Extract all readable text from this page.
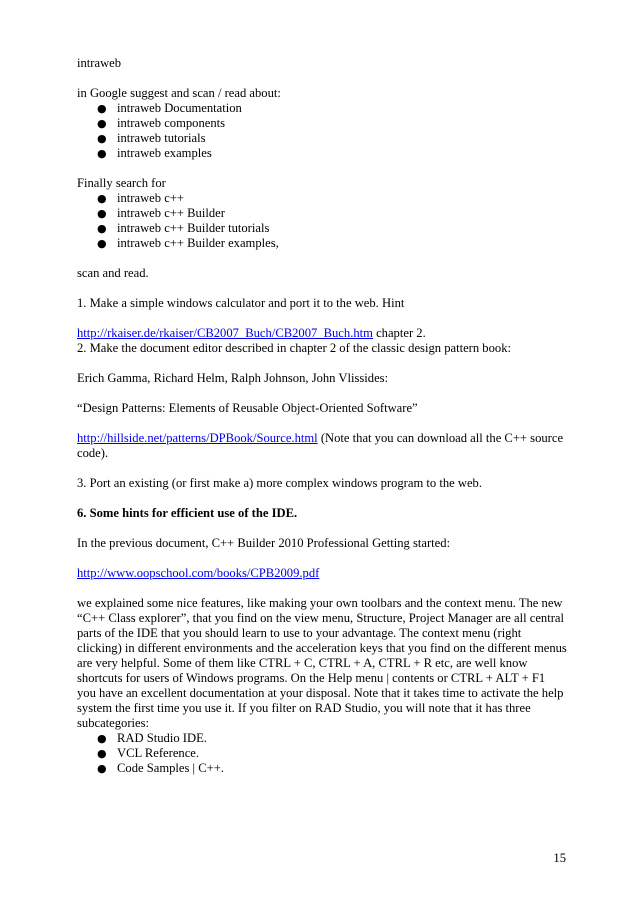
intraweb

in Google suggest and scan / read about:

● intraweb Documentation
● intraweb components
● intraweb tutorials
● intraweb examples

Finally search for

● intraweb c++
● intraweb c++ Builder
● intraweb c++ Builder tutorials
● intraweb c++ Builder examples,

scan and read.

1. Make a simple windows calculator and port it to the web. Hint

http://rkaiser.de/rkaiser/CB2007_Buch/CB2007_Buch.htm chapter 2.

2. Make the document editor described in chapter 2 of the classic design pattern book:

Erich Gamma, Richard Helm, Ralph Johnson, John Vlissides:

“Design Patterns: Elements of Reusable Object-Oriented Software”

http://hillside.net/patterns/DPBook/Source.html (Note that you can download all the C++ source code).

3. Port an existing (or first make a) more complex windows program to the web.

6. Some hints for efficient use of the IDE.

In the previous document, C++ Builder 2010 Professional Getting started:

http://www.oopschool.com/books/CPB2009.pdf

we explained some nice features, like making your own toolbars and the context menu. The new “C++ Class explorer”, that you find on the view menu, Structure, Project Manager are all central parts of the IDE that you should learn to use to your advantage. The context menu (right clicking) in different environments and the acceleration keys that you find on the different menus are very helpful. Some of them like CTRL + C, CTRL + A, CTRL + R etc, are well know shortcuts for users of Windows programs. On the Help menu | contents or CTRL + ALT + F1 you have an excellent documentation at your disposal. Note that it takes time to activate the help system the first time you use it. If you filter on RAD Studio, you will note that it has three subcategories:

● RAD Studio IDE.
● VCL Reference.
● Code Samples | C++.
15
